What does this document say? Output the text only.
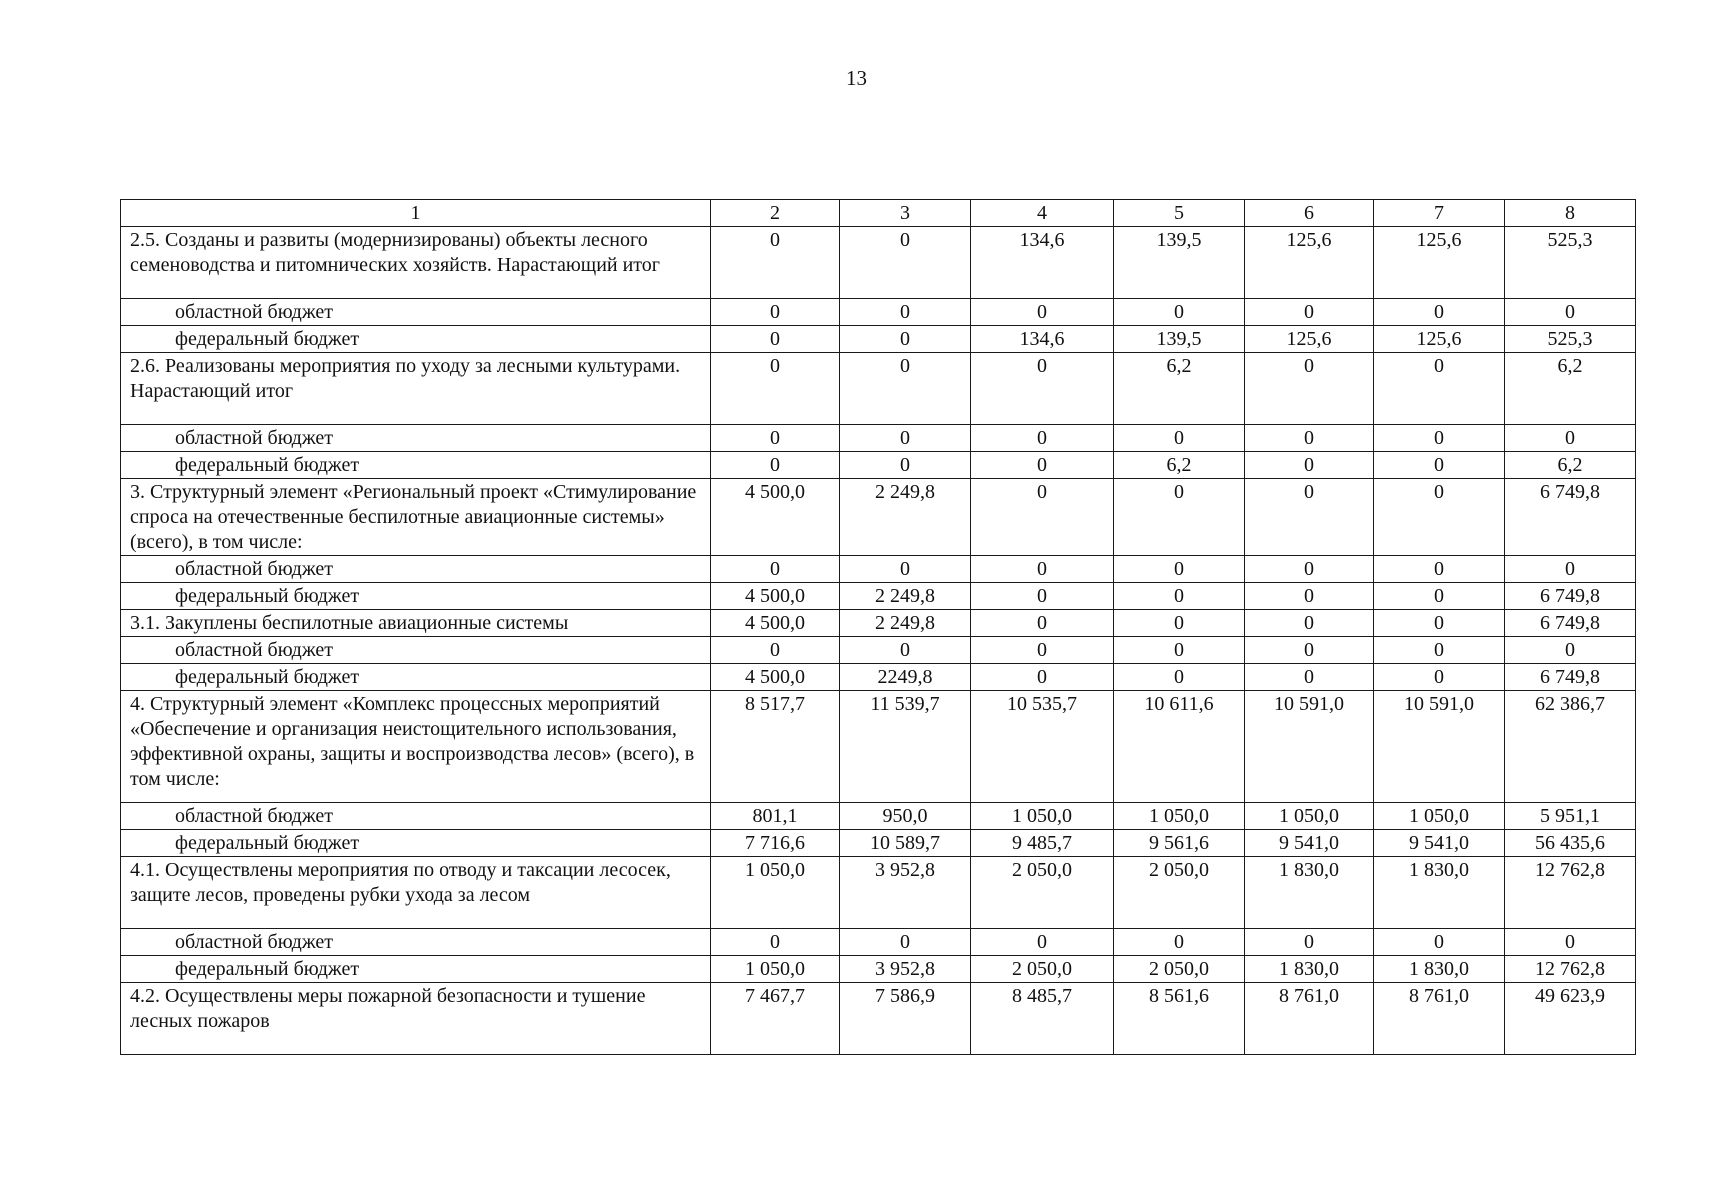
13
1	2	3	4	5	6	7	8
2.5. Созданы и развиты (модернизированы) объекты лесного семеноводства и питомнических хозяйств. Нарастающий итог	0	0	134,6	139,5	125,6	125,6	525,3
областной бюджет	0	0	0	0	0	0	0
федеральный бюджет	0	0	134,6	139,5	125,6	125,6	525,3
2.6. Реализованы мероприятия по уходу за лесными культурами. Нарастающий итог	0	0	0	6,2	0	0	6,2
областной бюджет	0	0	0	0	0	0	0
федеральный бюджет	0	0	0	6,2	0	0	6,2
3. Структурный элемент «Региональный проект «Стимулирование спроса на отечественные беспилотные авиационные системы» (всего), в том числе:	4 500,0	2 249,8	0	0	0	0	6 749,8
областной бюджет	0	0	0	0	0	0	0
федеральный бюджет	4 500,0	2 249,8	0	0	0	0	6 749,8
3.1. Закуплены беспилотные авиационные системы	4 500,0	2 249,8	0	0	0	0	6 749,8
областной бюджет	0	0	0	0	0	0	0
федеральный бюджет	4 500,0	2249,8	0	0	0	0	6 749,8
4. Структурный элемент «Комплекс процессных мероприятий «Обеспечение и организация неистощительного использования, эффективной охраны, защиты и воспроизводства лесов» (всего), в том числе:	8 517,7	11 539,7	10 535,7	10 611,6	10 591,0	10 591,0	62 386,7
областной бюджет	801,1	950,0	1 050,0	1 050,0	1 050,0	1 050,0	5 951,1
федеральный бюджет	7 716,6	10 589,7	9 485,7	9 561,6	9 541,0	9 541,0	56 435,6
4.1. Осуществлены мероприятия по отводу и таксации лесосек, защите лесов, проведены рубки ухода за лесом	1 050,0	3 952,8	2 050,0	2 050,0	1 830,0	1 830,0	12 762,8
областной бюджет	0	0	0	0	0	0	0
федеральный бюджет	1 050,0	3 952,8	2 050,0	2 050,0	1 830,0	1 830,0	12 762,8
4.2. Осуществлены меры пожарной безопасности и тушение лесных пожаров	7 467,7	7 586,9	8 485,7	8 561,6	8 761,0	8 761,0	49 623,9
